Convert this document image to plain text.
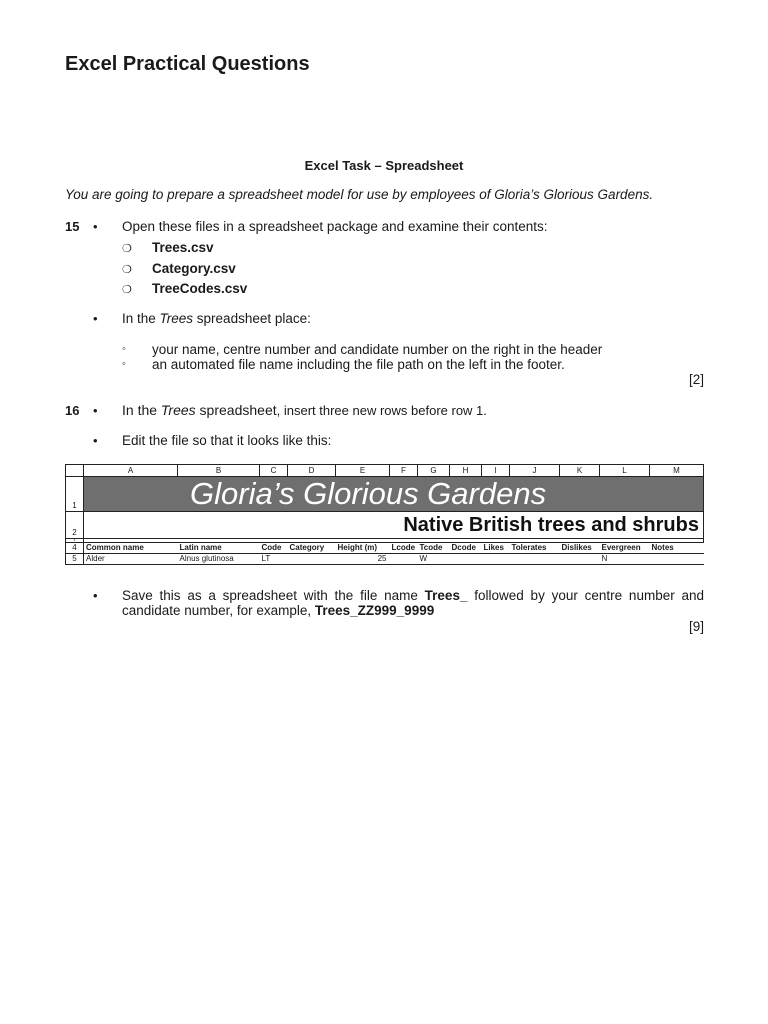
Excel Practical Questions
Excel Task – Spreadsheet
You are going to prepare a spreadsheet model for use by employees of Gloria’s Glorious Gardens.
15 • Open these files in a spreadsheet package and examine their contents:
❍ Trees.csv
❍ Category.csv
❍ TreeCodes.csv
• In the Trees spreadsheet place:
◦ your name, centre number and candidate number on the right in the header
◦ an automated file name including the file path on the left in the footer.
[2]
16 • In the Trees spreadsheet, insert three new rows before row 1.
• Edit the file so that it looks like this:
	A	B	C	D	E	F	G	H	I	J	K	L	M
1	Gloria’s Glorious Gardens												
2	Native British trees and shrubs												
3													
4	Common name	Latin name	Code	Category	Height (m)	Lcode	Tcode	Dcode	Likes	Tolerates	Dislikes	Evergreen	Notes
5	Alder	Alnus glutinosa	LT		25		W					N	
• Save this as a spreadsheet with the file name Trees_ followed by your centre number and candidate number, for example, Trees_ZZ999_9999
[9]
